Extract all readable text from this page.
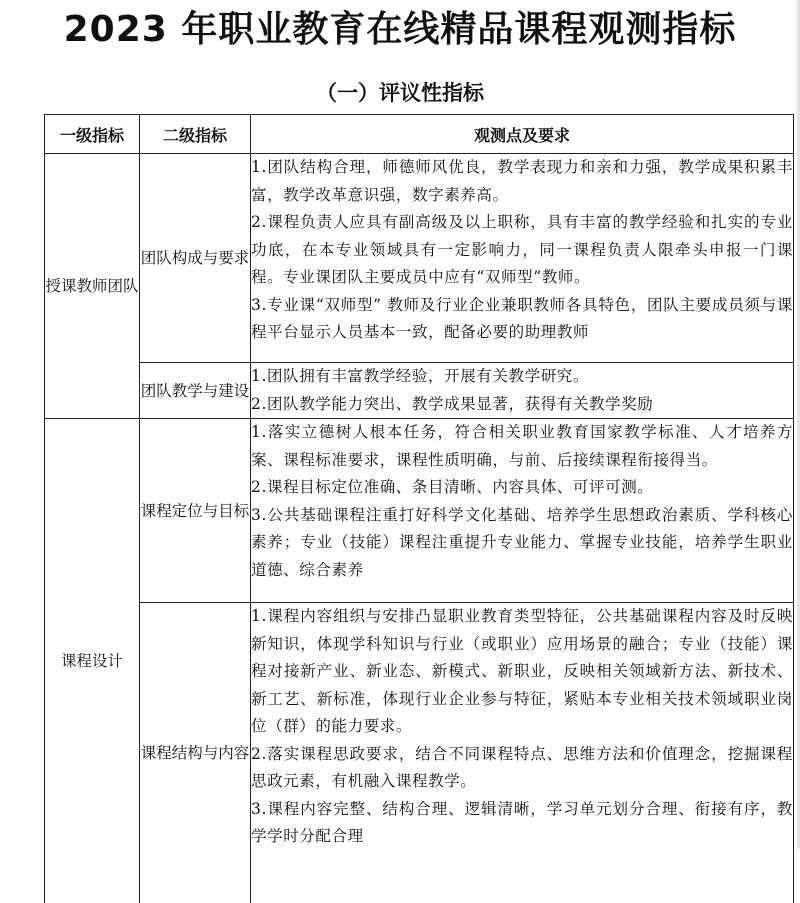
2023 年职业教育在线精品课程观测指标
（一）评议性指标
一级指标	二级指标	观测点及要求
授课教师团队	团队构成与要求	1.团队结构合理，师德师风优良，教学表现力和亲和力强，教学成果积累丰富，教学改革意识强，数字素养高。
2.课程负责人应具有副高级及以上职称，具有丰富的教学经验和扎实的专业功底，在本专业领域具有一定影响力，同一课程负责人限牵头申报一门课程。专业课团队主要成员中应有“双师型”教师。
3.专业课“双师型” 教师及行业企业兼职教师各具特色，团队主要成员须与课程平台显示人员基本一致，配备必要的助理教师

	团队教学与建设	1.团队拥有丰富教学经验，开展有关教学研究。
2.团队教学能力突出、教学成果显著，获得有关教学奖励

课程设计	课程定位与目标	1.落实立德树人根本任务，符合相关职业教育国家教学标准、人才培养方案、课程标准要求，课程性质明确，与前、后接续课程衔接得当。
2.课程目标定位准确、条目清晰、内容具体、可评可测。
3.公共基础课程注重打好科学文化基础、培养学生思想政治素质、学科核心素养；专业（技能）课程注重提升专业能力、掌握专业技能，培养学生职业道德、综合素养

	课程结构与内容	1.课程内容组织与安排凸显职业教育类型特征，公共基础课程内容及时反映新知识，体现学科知识与行业（或职业）应用场景的融合；专业（技能）课程对接新产业、新业态、新模式、新职业，反映相关领域新方法、新技术、新工艺、新标准，体现行业企业参与特征，紧贴本专业相关技术领域职业岗位（群）的能力要求。
2.落实课程思政要求，结合不同课程特点、思维方法和价值理念，挖掘课程思政元素，有机融入课程教学。
3.课程内容完整、结构合理、逻辑清晰，学习单元划分合理、衔接有序，教学学时分配合理
